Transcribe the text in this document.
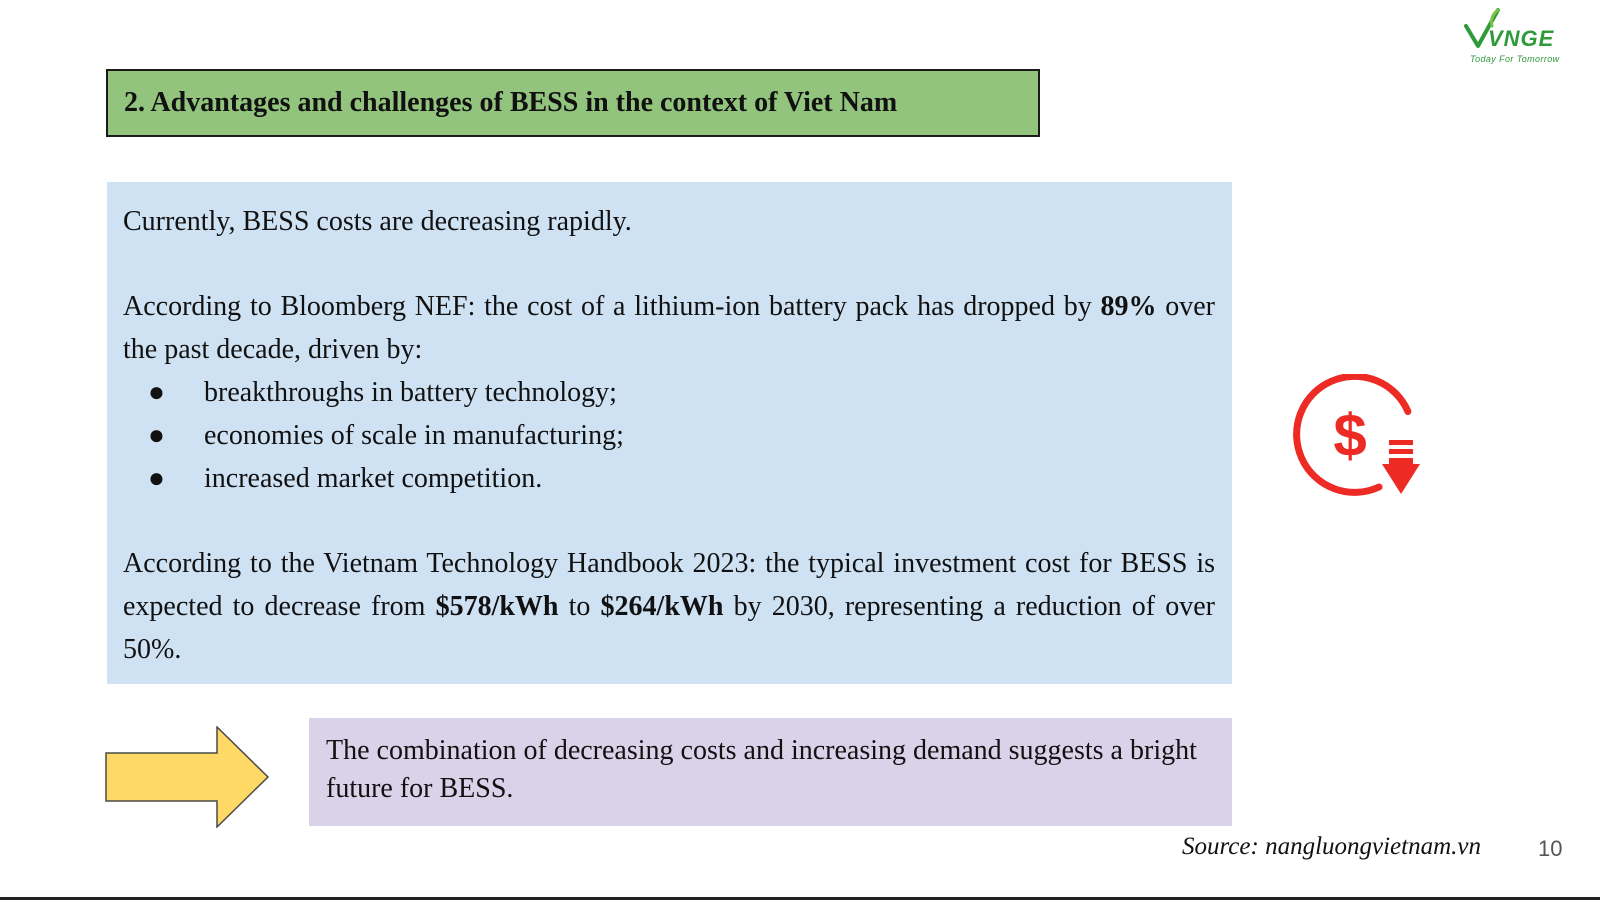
VNGE
Today For Tomorrow
2. Advantages and challenges of BESS in the context of Viet Nam

Currently, BESS costs are decreasing rapidly.

According to Bloomberg NEF: the cost of a lithium-ion battery pack has dropped by 89% over the past decade, driven by:

● breakthroughs in battery technology;
● economies of scale in manufacturing;
● increased market competition.

According to the Vietnam Technology Handbook 2023: the typical investment cost for BESS is expected to decrease from $578/kWh to $264/kWh by 2030, representing a reduction of over 50%.

$
The combination of decreasing costs and increasing demand suggests a bright future for BESS.
Source: nangluongvietnam.vn	10
